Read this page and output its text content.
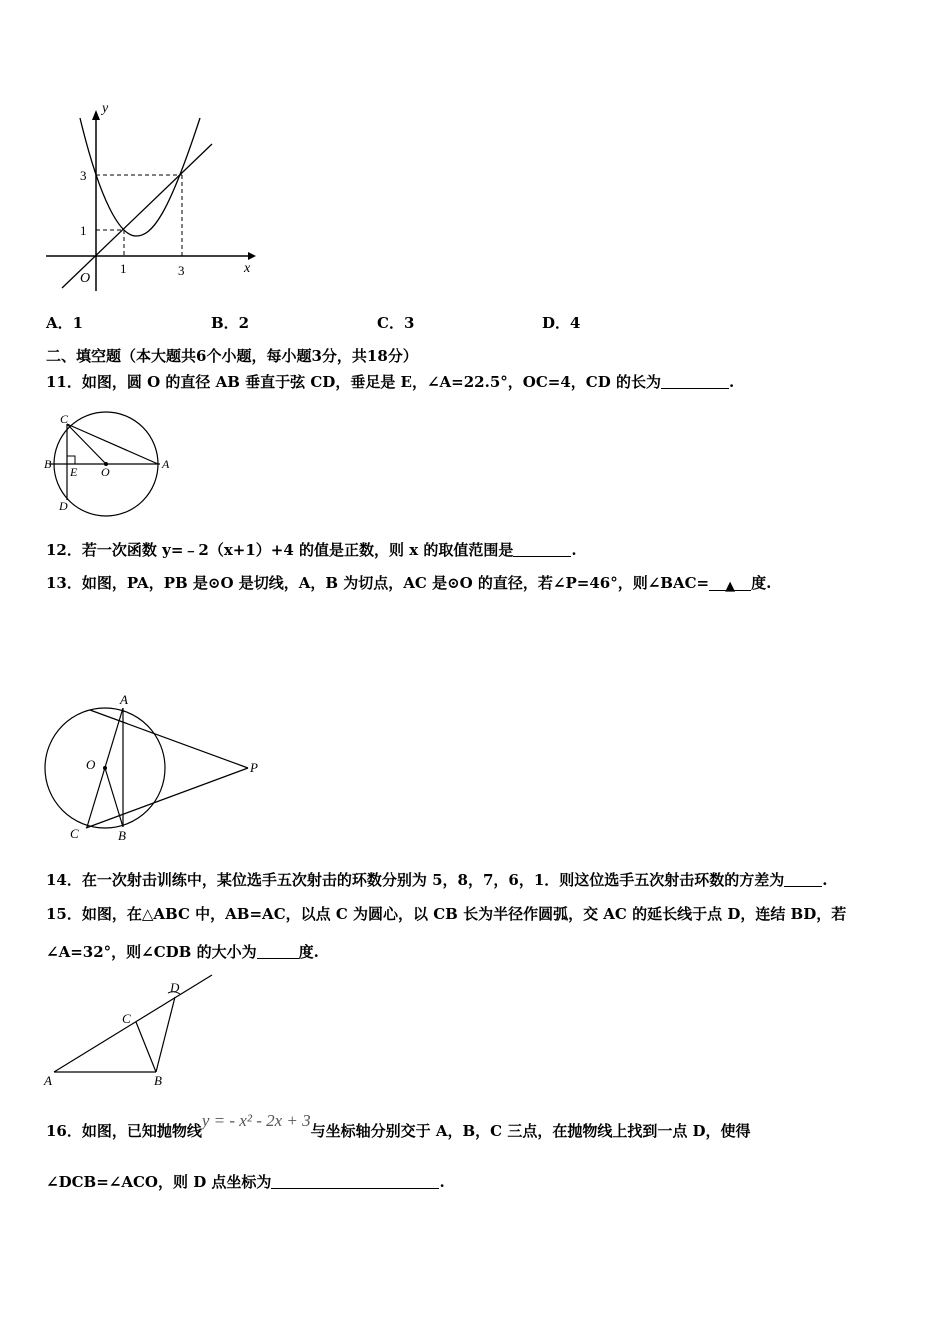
y
x
O
3
1
1	3
A．1	B．2	C．3	D．4
二、填空题（本大题共6个小题，每小题3分，共18分）
11．如图，圆 O 的直径 AB 垂直于弦 CD，垂足是 E，∠A=22.5°，OC=4，CD 的长为	.
C
B
E O
A
D
12．若一次函数 y=﹣2（x+1）+4 的值是正数，则 x 的取值范围是	.
13．如图，PA，PB 是⊙O 是切线，A，B 为切点，AC 是⊙O 的直径，若∠P=46°，则∠BAC= ▲ 度.
A
O	P
C	B
14．在一次射击训练中，某位选手五次射击的环数分别为 5，8，7，6，1．则这位选手五次射击环数的方差为	.
15．如图，在△ABC 中，AB=AC，以点 C 为圆心，以 CB 长为半径作圆弧，交 AC 的延长线于点 D，连结 BD，若
∠A=32°，则∠CDB 的大小为	度.
D
C
A	B
16．如图，已知抛物线y = - x² - 2x + 3与坐标轴分别交于 A，B，C 三点，在抛物线上找到一点 D，使得
∠DCB=∠ACO，则 D 点坐标为	.
